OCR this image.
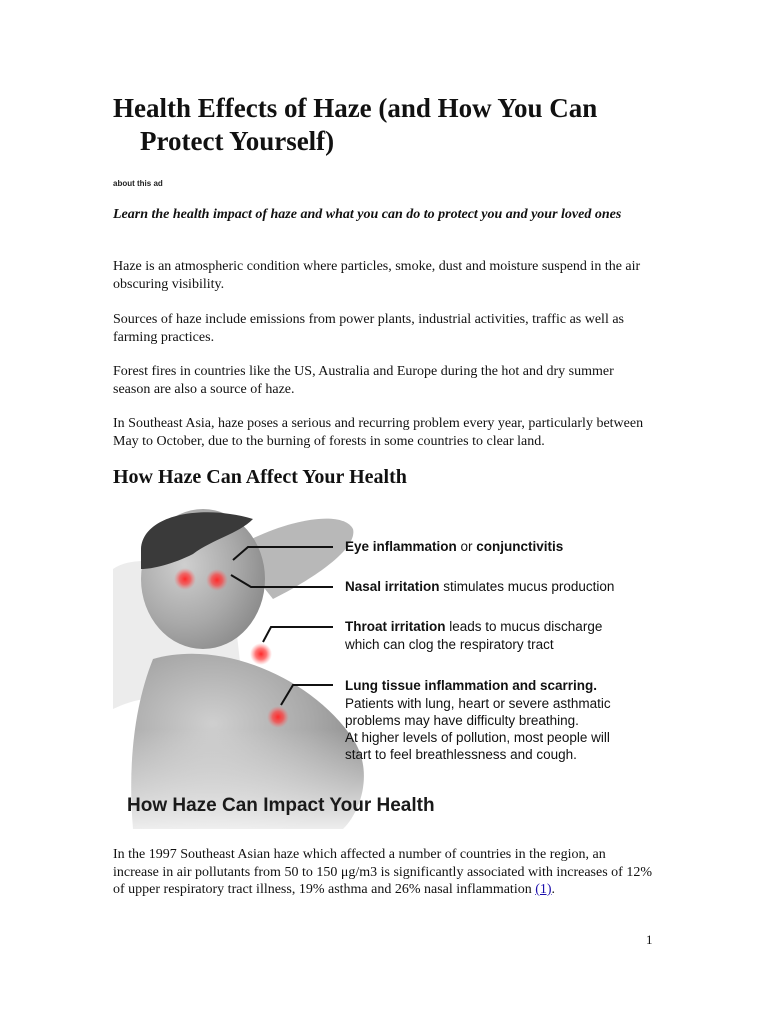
Health Effects of Haze (and How You Can
Protect Yourself)
about this ad

Learn the health impact of haze and what you can do to protect you and your loved ones

Haze is an atmospheric condition where particles, smoke, dust and moisture suspend in the air obscuring visibility.

Sources of haze include emissions from power plants, industrial activities, traffic as well as farming practices.

Forest fires in countries like the US, Australia and Europe during the hot and dry summer season are also a source of haze.

In Southeast Asia, haze poses a serious and recurring problem every year, particularly between May to October, due to the burning of forests in some countries to clear land.

How Haze Can Affect Your Health
Eye inflammation or conjunctivitis
Nasal irritation stimulates mucus production
Throat irritation leads to mucus discharge
which can clog the respiratory tract
Lung tissue inflammation and scarring.
Patients with lung, heart or severe asthmatic
problems may have difficulty breathing.
At higher levels of pollution, most people will
start to feel breathlessness and cough.
How Haze Can Impact Your Health

In the 1997 Southeast Asian haze which affected a number of countries in the region, an increase in air pollutants from 50 to 150 μg/m3 is significantly associated with increases of 12% of upper respiratory tract illness, 19% asthma and 26% nasal inflammation (1).

1
